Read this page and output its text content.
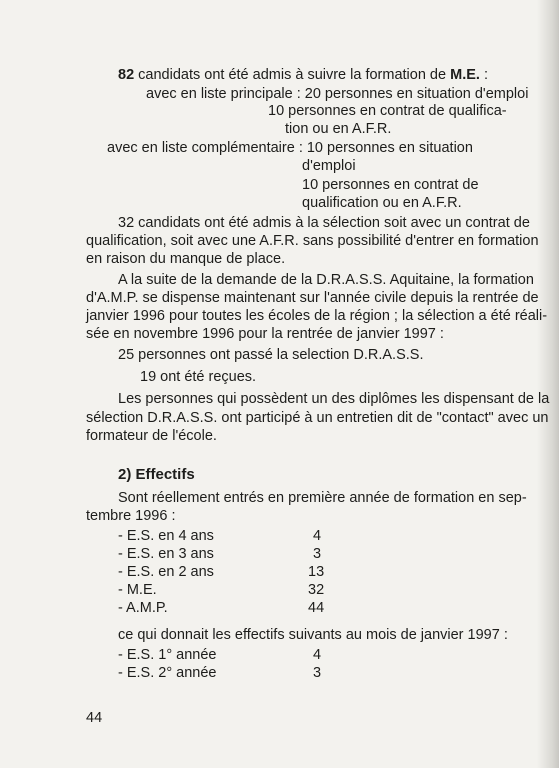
82 candidats ont été admis à suivre la formation de M.E. :
avec en liste principale : 20 personnes en situation d'emploi
10 personnes en contrat de qualifica-
tion ou en A.F.R.
avec en liste complémentaire : 10 personnes en situation
d'emploi
10 personnes en contrat de
qualification ou en A.F.R.
32 candidats ont été admis à la sélection soit avec un contrat de
qualification, soit avec une A.F.R. sans possibilité d'entrer en formation
en raison du manque de place.
A la suite de la demande de la D.R.A.S.S. Aquitaine, la formation
d'A.M.P. se dispense maintenant sur l'année civile depuis la rentrée de
janvier 1996 pour toutes les écoles de la région ; la sélection a été réali-
sée en novembre 1996 pour la rentrée de janvier 1997 :
25 personnes ont passé la selection D.R.A.S.S.
19 ont été reçues.
Les personnes qui possèdent un des diplômes les dispensant de la
sélection D.R.A.S.S. ont participé à un entretien dit de "contact" avec un
formateur de l'école.
2) Effectifs
Sont réellement entrés en première année de formation en sep-
tembre 1996 :
- E.S. en 4 ans	4
- E.S. en 3 ans	3
- E.S. en 2 ans	13
- M.E.	32
- A.M.P.	44
ce qui donnait les effectifs suivants au mois de janvier 1997 :
- E.S. 1° année	4
- E.S. 2° année	3
44
